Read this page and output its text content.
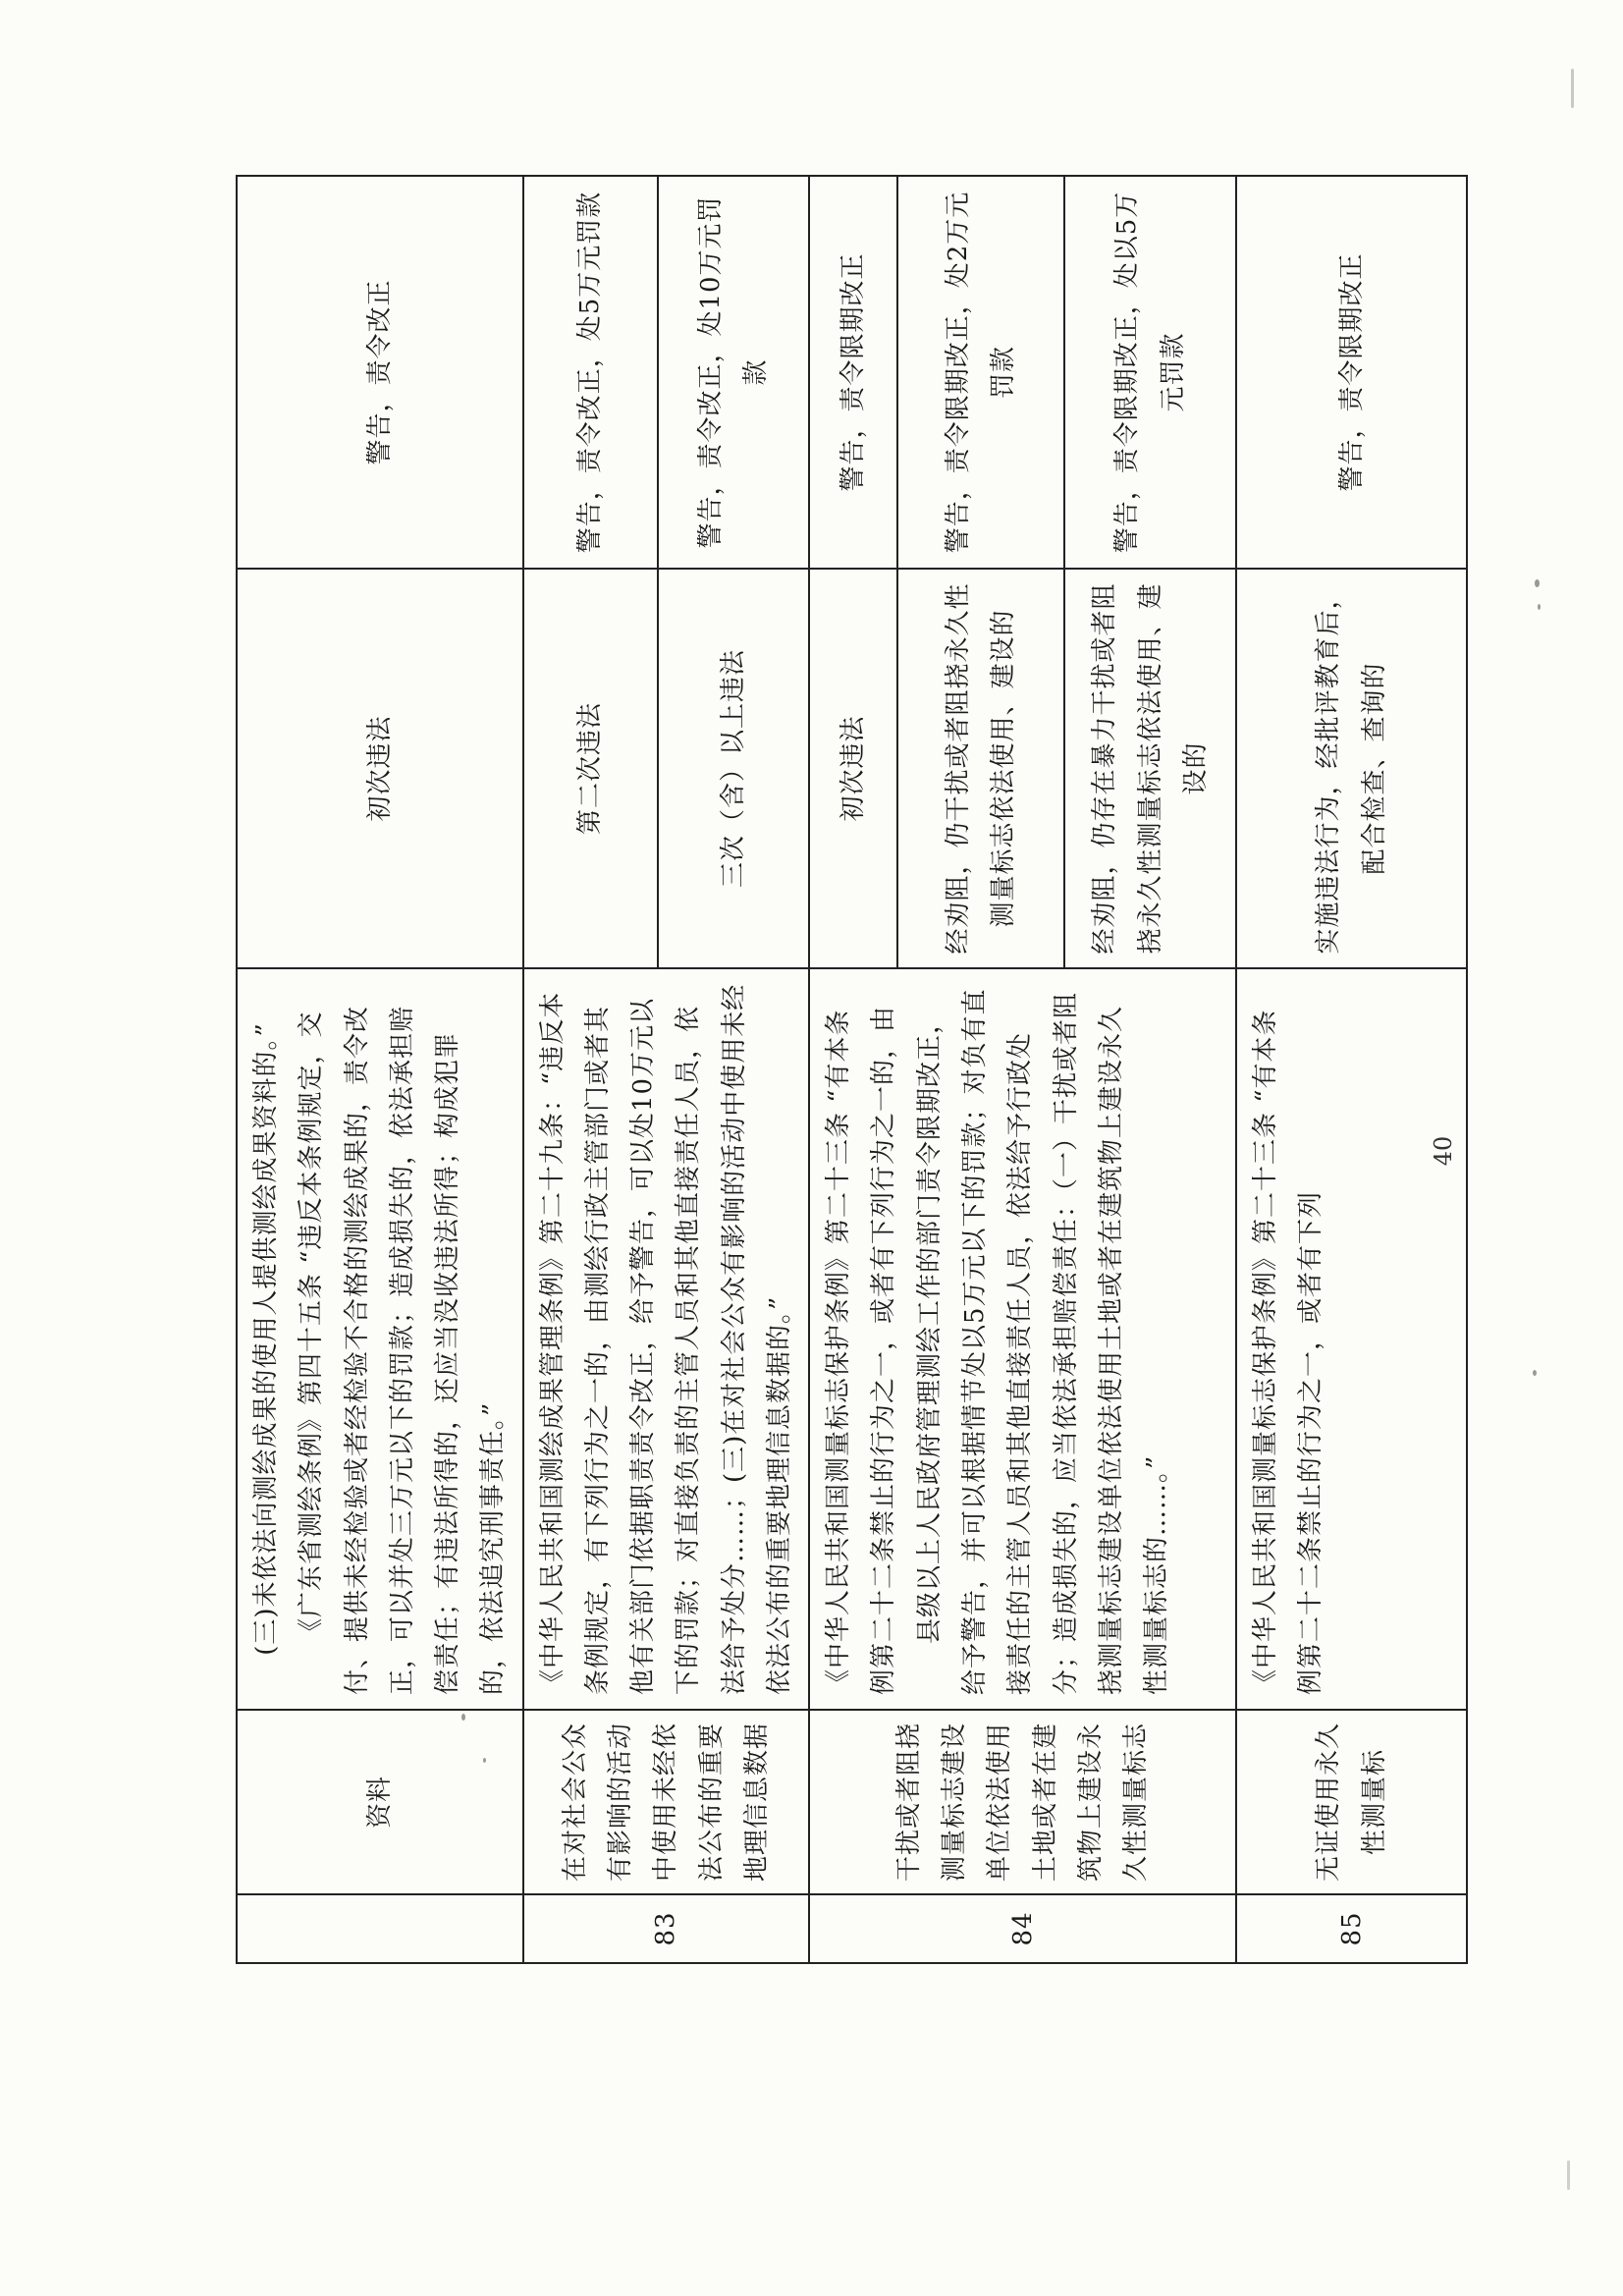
	资料	(三)未依法向测绘成果的使用人提供测绘成果资料的。” 《广东省测绘条例》第四十五条 “违反本条例规定，交付、提供未经检验或者经检验不合格的测绘成果的，责令改正，可以并处三万元以下的罚款；造成损失的，依法承担赔偿责任；有违法所得的，还应当没收违法所得；构成犯罪的，依法追究刑事责任。”	初次违法	警告，责令改正
83	在对社会公众有影响的活动中使用未经依法公布的重要地理信息数据	《中华人民共和国测绘成果管理条例》第二十九条：“违反本条例规定，有下列行为之一的，由测绘行政主管部门或者其他有关部门依据职责责令改正，给予警告，可以处10万元以下的罚款；对直接负责的主管人员和其他直接责任人员，依法给予处分……；(三)在对社会公众有影响的活动中使用未经依法公布的重要地理信息数据的。”	第二次违法	警告，责令改正，处5万元罚款
			三次（含）以上违法	警告，责令改正，处10万元罚款
84	干扰或者阻挠测量标志建设单位依法使用土地或者在建筑物上建设永久性测量标志	《中华人民共和国测量标志保护条例》第二十三条 “有本条例第二十二条禁止的行为之一，或者有下列行为之一的，由 县级以上人民政府管理测绘工作的部门责令限期改正，给予警告，并可以根据情节处以5万元以下的罚款；对负有直接责任的主管人员和其他直接责任人员，依法给予行政处分；造成损失的，应当依法承担赔偿责任：（一）干扰或者阻挠测量标志建设单位依法使用土地或者在建筑物上建设永久性测量标志的……。”	初次违法	警告，责令限期改正
			经劝阻，仍干扰或者阻挠永久性测量标志依法使用、建设的	警告，责令限期改正，处2万元罚款
			经劝阻，仍存在暴力干扰或者阻挠永久性测量标志依法使用、建设的	警告，责令限期改正，处以5万元罚款
85	无证使用永久性测量标	《中华人民共和国测量标志保护条例》第二十三条 “有本条例第二十二条禁止的行为之一，或者有下列	实施违法行为，经批评教育后，配合检查、查询的	警告，责令限期改正
40
